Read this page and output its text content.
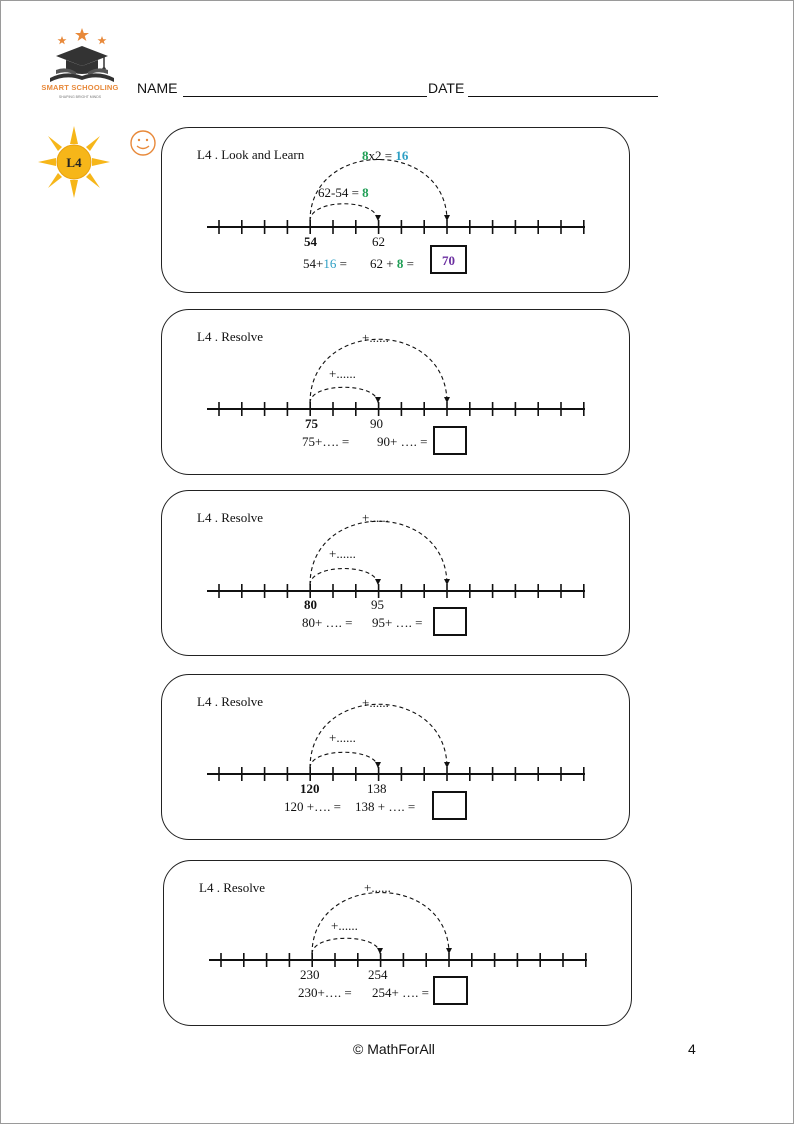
SMART SCHOOLING
SHAPING BRIGHT MINDS
NAME	DATE
L4
L4 . Look and Learn	8x2 = 16
62-54 = 8
54	62
54+16 = 62 + 8 =	70
L4 . Resolve	+......
+......
75	90
75+…. = 90+ …. =
L4 . Resolve	+......
+......
80	95
80+ …. = 95+ …. =
L4 . Resolve	+......
+......
120	138
120 +…. = 138 + …. =
L4 . Resolve	+......
+......
230	254
230+…. = 254+ …. =
© MathForAll	4
